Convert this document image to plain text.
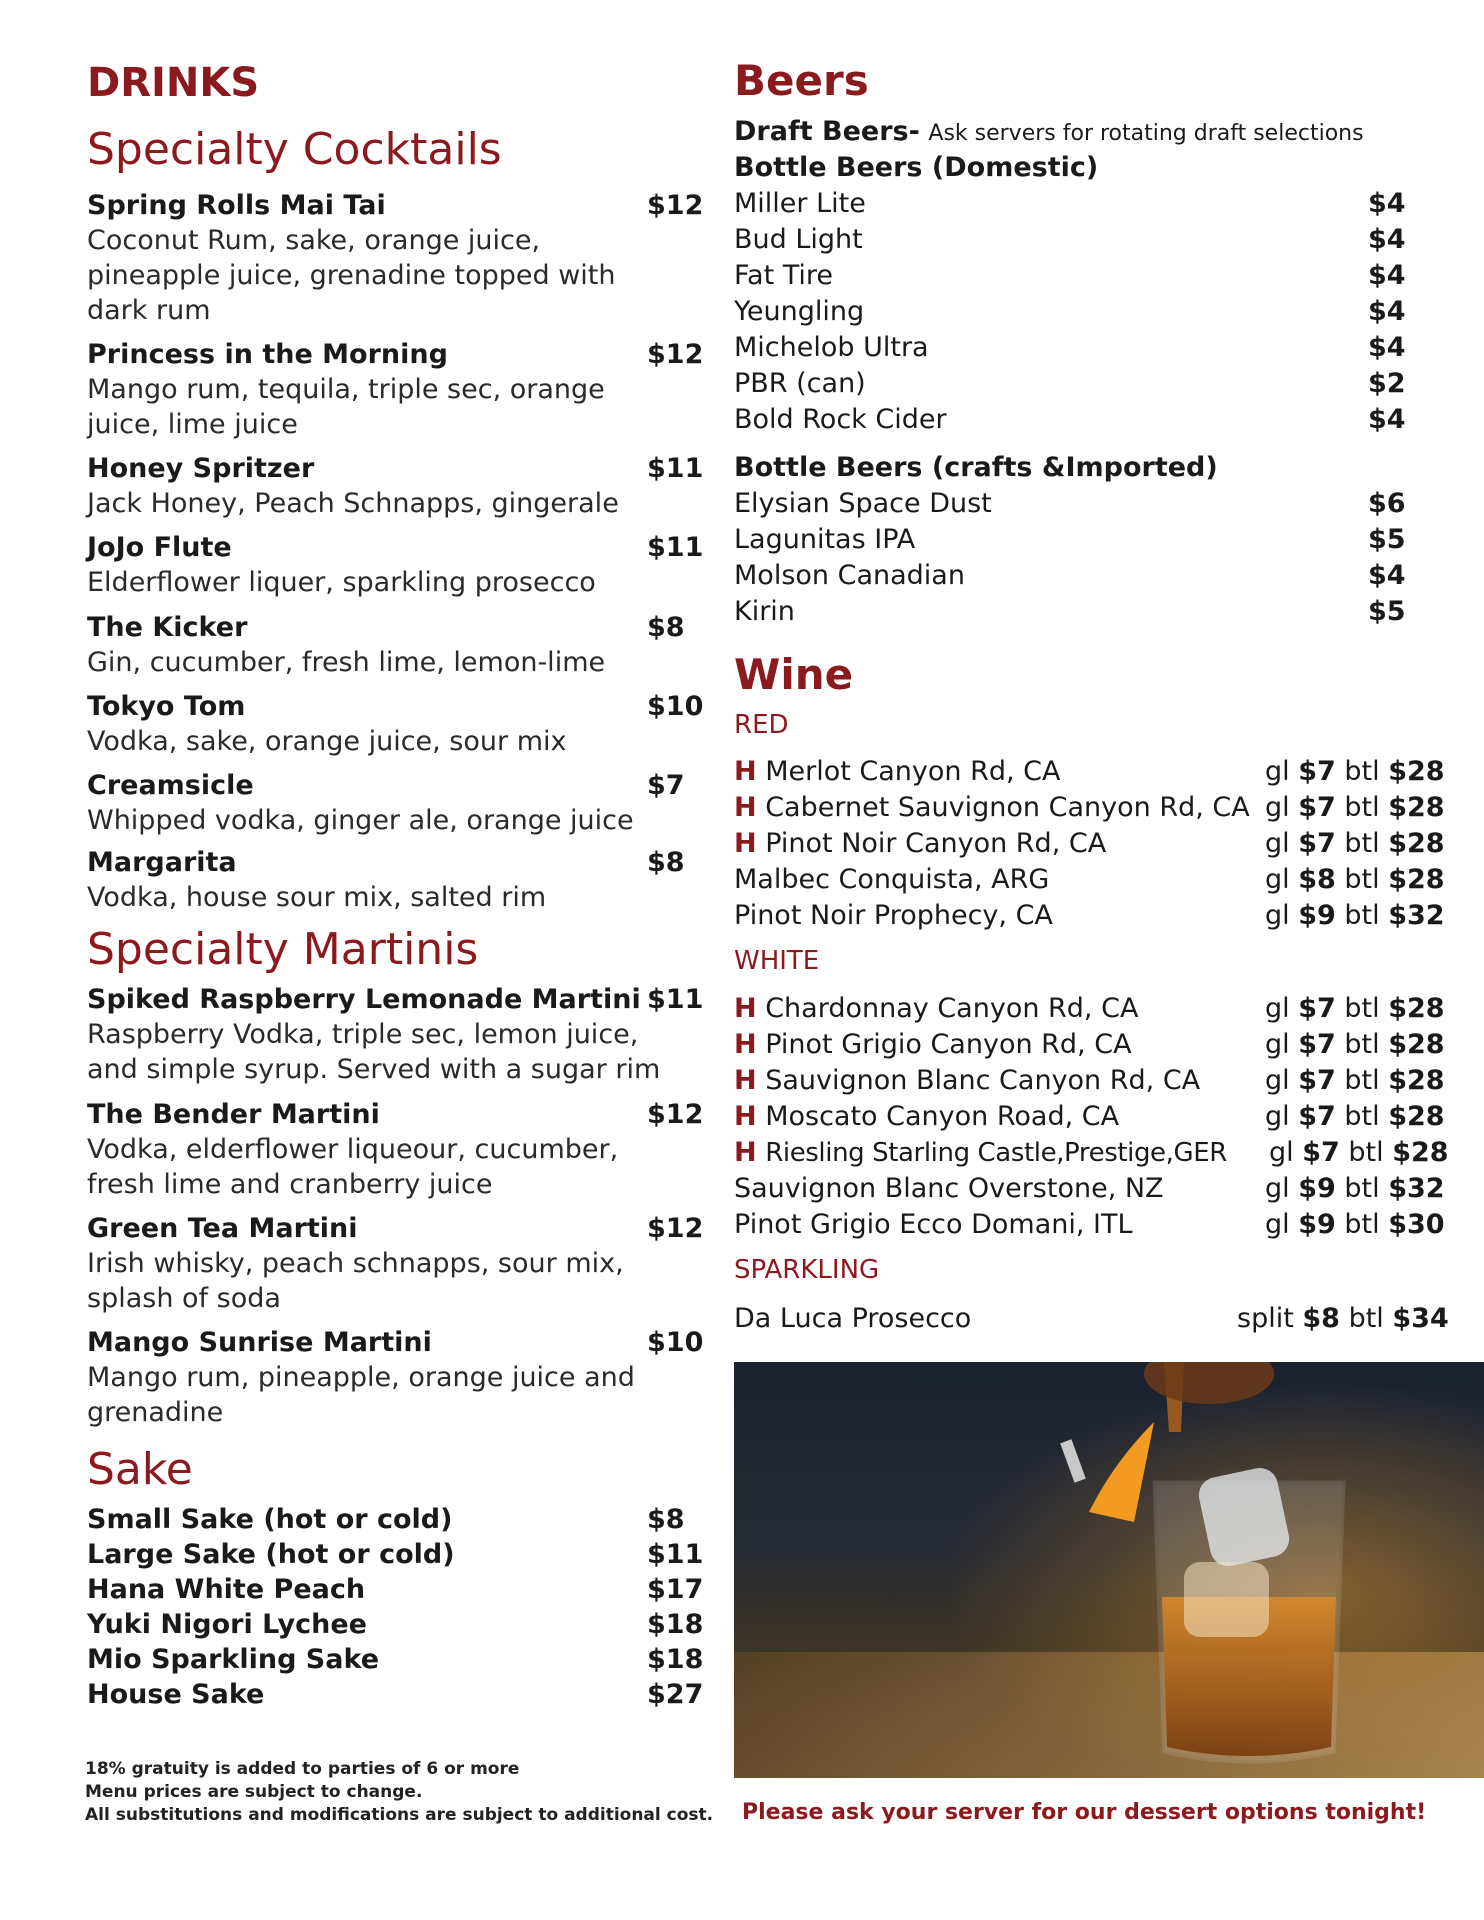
DRINKS
Specialty Cocktails
Spring Rolls Mai Tai	$12
Coconut Rum, sake, orange juice, pineapple juice, grenadine topped with dark rum
Princess in the Morning	$12
Mango rum, tequila, triple sec, orange juice, lime juice
Honey Spritzer	$11
Jack Honey, Peach Schnapps, gingerale
JoJo Flute	$11
Elderflower liquer, sparkling prosecco
The Kicker	$8
Gin, cucumber, fresh lime, lemon-lime
Tokyo Tom	$10
Vodka, sake, orange juice, sour mix
Creamsicle	$7
Whipped vodka, ginger ale, orange juice
Margarita	$8
Vodka, house sour mix, salted rim
Specialty Martinis
Spiked Raspberry Lemonade Martini $11
Raspberry Vodka, triple sec, lemon juice, and simple syrup. Served with a sugar rim
The Bender Martini	$12
Vodka, elderflower liqueour, cucumber, fresh lime and cranberry juice
Green Tea Martini	$12
Irish whisky, peach schnapps, sour mix, splash of soda
Mango Sunrise Martini	$10
Mango rum, pineapple, orange juice and grenadine
Sake
Small Sake (hot or cold)	$8
Large Sake (hot or cold)	$11
Hana White Peach	$17
Yuki Nigori Lychee	$18
Mio Sparkling Sake	$18
House Sake	$27
18% gratuity is added to parties of 6 or more
Menu prices are subject to change.
All substitutions and modifications are subject to additional cost.
Beers
Draft Beers- Ask servers for rotating draft selections
Bottle Beers (Domestic)
Miller Lite	$4
Bud Light	$4
Fat Tire	$4
Yeungling	$4
Michelob Ultra	$4
PBR (can)	$2
Bold Rock Cider	$4
Bottle Beers (crafts &Imported)
Elysian Space Dust	$6
Lagunitas IPA	$5
Molson Canadian	$4
Kirin	$5
Wine
RED
H Merlot Canyon Rd, CA	gl $7 btl $28
H Cabernet Sauvignon Canyon Rd, CA gl $7 btl $28
H Pinot Noir Canyon Rd, CA	gl $7 btl $28
Malbec Conquista, ARG	gl $8 btl $28
Pinot Noir Prophecy, CA	gl $9 btl $32
WHITE
H Chardonnay Canyon Rd, CA	gl $7 btl $28
H Pinot Grigio Canyon Rd, CA	gl $7 btl $28
H Sauvignon Blanc Canyon Rd, CA gl $7 btl $28
H Moscato Canyon Road, CA	gl $7 btl $28
H Riesling Starling Castle,Prestige,GER gl $7 btl $28
Sauvignon Blanc Overstone, NZ	gl $9 btl $32
Pinot Grigio Ecco Domani, ITL	gl $9 btl $30
SPARKLING
Da Luca Prosecco	split $8 btl $34
Please ask your server for our dessert options tonight!
